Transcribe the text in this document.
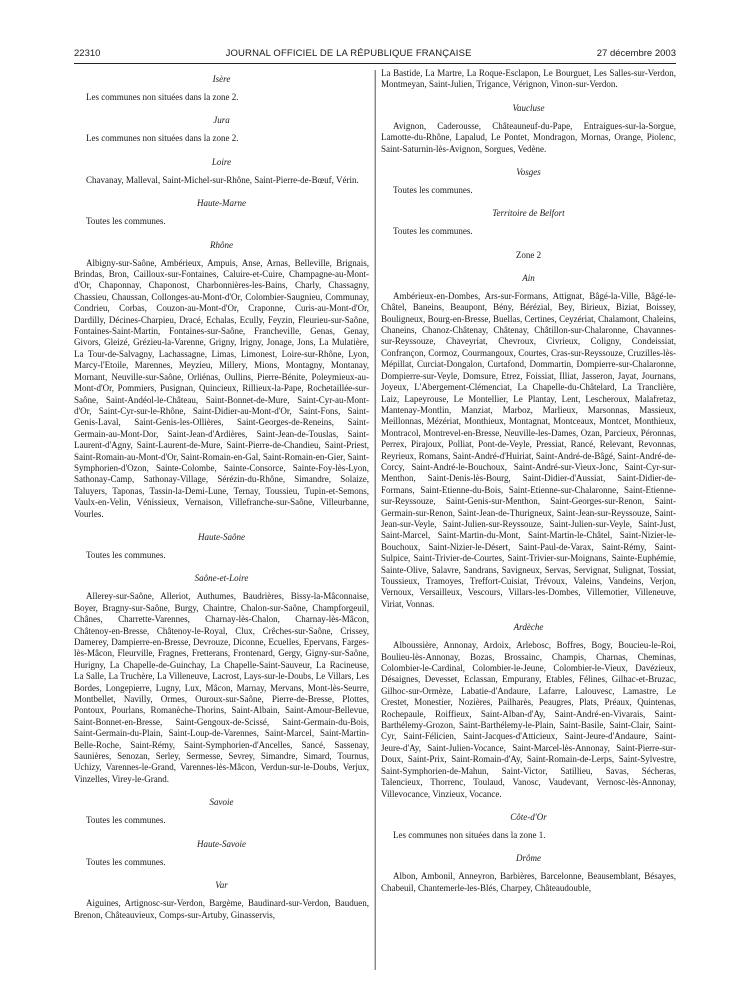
22310	JOURNAL OFFICIEL DE LA RÉPUBLIQUE FRANÇAISE	27 décembre 2003
Isère

Les communes non situées dans la zone 2.

Jura

Les communes non situées dans la zone 2.

Loire

Chavanay, Malleval, Saint-Michel-sur-Rhône, Saint-Pierre-de-Bœuf, Vérin.

Haute-Marne

Toutes les communes.

Rhône

Albigny-sur-Saône, Ambérieux, Ampuis, Anse, Arnas, Belleville, Brignais, Brindas, Bron, Cailloux-sur-Fontaines, Caluire-et-Cuire, Champagne-au-Mont-d'Or, Chaponnay, Chaponost, Charbonnières-les-Bains, Charly, Chassagny, Chassieu, Chaussan, Collonges-au-Mont-d'Or, Colombier-Saugnieu, Communay, Condrieu, Corbas, Couzon-au-Mont-d'Or, Craponne, Curis-au-Mont-d'Or, Dardilly, Décines-Charpieu, Dracé, Echalas, Ecully, Feyzin, Fleurieu-sur-Saône, Fontaines-Saint-Martin, Fontaines-sur-Saône, Francheville, Genas, Genay, Givors, Gleizé, Grézieu-la-Varenne, Grigny, Irigny, Jonage, Jons, La Mulatière, La Tour-de-Salvagny, Lachassagne, Limas, Limonest, Loire-sur-Rhône, Lyon, Marcy-l'Etoile, Marennes, Meyzieu, Millery, Mions, Montagny, Montanay, Mornant, Neuville-sur-Saône, Orliénas, Oullins, Pierre-Bénite, Poleymieux-au-Mont-d'Or, Pommiers, Pusignan, Quincieux, Rillieux-la-Pape, Rochetaillée-sur-Saône, Saint-Andéol-le-Château, Saint-Bonnet-de-Mure, Saint-Cyr-au-Mont-d'Or, Saint-Cyr-sur-le-Rhône, Saint-Didier-au-Mont-d'Or, Saint-Fons, Saint-Genis-Laval, Saint-Genis-les-Ollières, Saint-Georges-de-Reneins, Saint-Germain-au-Mont-Dor, Saint-Jean-d'Ardières, Saint-Jean-de-Touslas, Saint-Laurent-d'Agny, Saint-Laurent-de-Mure, Saint-Pierre-de-Chandieu, Saint-Priest, Saint-Romain-au-Mont-d'Or, Saint-Romain-en-Gal, Saint-Romain-en-Gier, Saint-Symphorien-d'Ozon, Sainte-Colombe, Sainte-Consorce, Sainte-Foy-lès-Lyon, Sathonay-Camp, Sathonay-Village, Sérézin-du-Rhône, Simandre, Solaize, Taluyers, Taponas, Tassin-la-Demi-Lune, Ternay, Toussieu, Tupin-et-Semons, Vaulx-en-Velin, Vénissieux, Vernaison, Villefranche-sur-Saône, Villeurbanne, Vourles.

Haute-Saône

Toutes les communes.

Saône-et-Loire

Allerey-sur-Saône, Alleriot, Authumes, Baudrières, Bissy-la-Mâconnaise, Boyer, Bragny-sur-Saône, Burgy, Chaintre, Chalon-sur-Saône, Champforgeuil, Chânes, Charrette-Varennes, Charnay-lès-Chalon, Charnay-lès-Mâcon, Châtenoy-en-Bresse, Châtenoy-le-Royal, Clux, Crêches-sur-Saône, Crissey, Damerey, Dampierre-en-Bresse, Devrouze, Diconne, Ecuelles, Epervans, Farges-lès-Mâcon, Fleurville, Fragnes, Fretterans, Frontenard, Gergy, Gigny-sur-Saône, Hurigny, La Chapelle-de-Guinchay, La Chapelle-Saint-Sauveur, La Racineuse, La Salle, La Truchère, La Villeneuve, Lacrost, Lays-sur-le-Doubs, Le Villars, Les Bordes, Longepierre, Lugny, Lux, Mâcon, Marnay, Mervans, Mont-lès-Seurre, Montbellet, Navilly, Ormes, Ouroux-sur-Saône, Pierre-de-Bresse, Plottes, Pontoux, Pourlans, Romanèche-Thorins, Saint-Albain, Saint-Amour-Bellevue, Saint-Bonnet-en-Bresse, Saint-Gengoux-de-Scissé, Saint-Germain-du-Bois, Saint-Germain-du-Plain, Saint-Loup-de-Varennes, Saint-Marcel, Saint-Martin-Belle-Roche, Saint-Rémy, Saint-Symphorien-d'Ancelles, Sancé, Sassenay, Saunières, Senozan, Serley, Sermesse, Sevrey, Simandre, Simard, Tournus, Uchizy, Varennes-le-Grand, Varennes-lès-Mâcon, Verdun-sur-le-Doubs, Verjux, Vinzelles, Virey-le-Grand.

Savoie

Toutes les communes.

Haute-Savoie

Toutes les communes.

Var

Aiguines, Artignosc-sur-Verdon, Bargème, Baudinard-sur-Verdon, Bauduen, Brenon, Châteauvieux, Comps-sur-Artuby, Ginasservis,

La Bastide, La Martre, La Roque-Esclapon, Le Bourguet, Les Salles-sur-Verdon, Montmeyan, Saint-Julien, Trigance, Vérignon, Vinon-sur-Verdon.

Vaucluse

Avignon, Caderousse, Châteauneuf-du-Pape, Entraigues-sur-la-Sorgue, Lamotte-du-Rhône, Lapalud, Le Pontet, Mondragon, Mornas, Orange, Piolenc, Saint-Saturnin-lès-Avignon, Sorgues, Vedène.

Vosges

Toutes les communes.

Territoire de Belfort

Toutes les communes.

Zone 2
Ain

Ambérieux-en-Dombes, Ars-sur-Formans, Attignat, Bâgé-la-Ville, Bâgé-le-Châtel, Baneins, Beaupont, Bény, Bérézial, Bey, Birieux, Biziat, Boissey, Bouligneux, Bourg-en-Bresse, Buellas, Certines, Ceyzériat, Chalamont, Chaleins, Chaneins, Chanoz-Châtenay, Châtenay, Châtillon-sur-Chalaronne, Chavannes-sur-Reyssouze, Chaveyriat, Chevroux, Civrieux, Coligny, Condeissiat, Confrançon, Cormoz, Courmangoux, Courtes, Cras-sur-Reyssouze, Cruzilles-lès-Mépillat, Curciat-Dongalon, Curtafond, Dommartin, Dompierre-sur-Chalaronne, Dompierre-sur-Veyle, Domsure, Etrez, Foissiat, Illiat, Jasseron, Jayat, Journans, Joyeux, L'Abergement-Clémenciat, La Chapelle-du-Châtelard, La Tranclière, Laiz, Lapeyrouse, Le Montellier, Le Plantay, Lent, Lescheroux, Malafretaz, Mantenay-Montlin, Manziat, Marboz, Marlieux, Marsonnas, Massieux, Meillonnas, Mézériat, Monthieux, Montagnat, Montceaux, Montcet, Monthieux, Montracol, Montrevel-en-Bresse, Neuville-les-Dames, Ozan, Parcieux, Péronnas, Perrex, Pirajoux, Polliat, Pont-de-Veyle, Pressiat, Rancé, Relevant, Revonnas, Reyrieux, Romans, Saint-André-d'Huiriat, Saint-André-de-Bâgé, Saint-André-de-Corcy, Saint-André-le-Bouchoux, Saint-André-sur-Vieux-Jonc, Saint-Cyr-sur-Menthon, Saint-Denis-lès-Bourg, Saint-Didier-d'Aussiat, Saint-Didier-de-Formans, Saint-Etienne-du-Bois, Saint-Etienne-sur-Chalaronne, Saint-Etienne-sur-Reyssouze, Saint-Genis-sur-Menthon, Saint-Georges-sur-Renon, Saint-Germain-sur-Renon, Saint-Jean-de-Thurigneux, Saint-Jean-sur-Reyssouze, Saint-Jean-sur-Veyle, Saint-Julien-sur-Reyssouze, Saint-Julien-sur-Veyle, Saint-Just, Saint-Marcel, Saint-Martin-du-Mont, Saint-Martin-le-Châtel, Saint-Nizier-le-Bouchoux, Saint-Nizier-le-Désert, Saint-Paul-de-Varax, Saint-Rémy, Saint-Sulpice, Saint-Trivier-de-Courtes, Saint-Trivier-sur-Moignans, Sainte-Euphémie, Sainte-Olive, Salavre, Sandrans, Savigneux, Servas, Servignat, Sulignat, Tossiat, Toussieux, Tramoyes, Treffort-Cuisiat, Trévoux, Valeins, Vandeins, Verjon, Vernoux, Versailleux, Vescours, Villars-les-Dombes, Villemotier, Villeneuve, Viriat, Vonnas.

Ardèche

Alboussière, Annonay, Ardoix, Arlebosc, Boffres, Bogy, Boucieu-le-Roi, Boulieu-lès-Annonay, Bozas, Brossainc, Champis, Charnas, Cheminas, Colombier-le-Cardinal, Colombier-le-Jeune, Colombier-le-Vieux, Davézieux, Désaignes, Devesset, Eclassan, Empurany, Etables, Félines, Gilhac-et-Bruzac, Gilhoc-sur-Ormèze, Labatie-d'Andaure, Lafarre, Lalouvesc, Lamastre, Le Crestet, Monestier, Nozières, Pailharès, Peaugres, Plats, Préaux, Quintenas, Rochepaule, Roiffieux, Saint-Alban-d'Ay, Saint-André-en-Vivarais, Saint-Barthélemy-Grozon, Saint-Barthélemy-le-Plain, Saint-Basile, Saint-Clair, Saint-Cyr, Saint-Félicien, Saint-Jacques-d'Atticieux, Saint-Jeure-d'Andaure, Saint-Jeure-d'Ay, Saint-Julien-Vocance, Saint-Marcel-lès-Annonay, Saint-Pierre-sur-Doux, Saint-Prix, Saint-Romain-d'Ay, Saint-Romain-de-Lerps, Saint-Sylvestre, Saint-Symphorien-de-Mahun, Saint-Victor, Satillieu, Savas, Sécheras, Talencieux, Thorrenc, Toulaud, Vanosc, Vaudevant, Vernosc-lès-Annonay, Villevocance, Vinzieux, Vocance.

Côte-d'Or

Les communes non situées dans la zone 1.

Drôme

Albon, Ambonil, Anneyron, Barbières, Barcelonne, Beausemblant, Bésayes, Chabeuil, Chantemerle-les-Blés, Charpey, Châteaudouble,
